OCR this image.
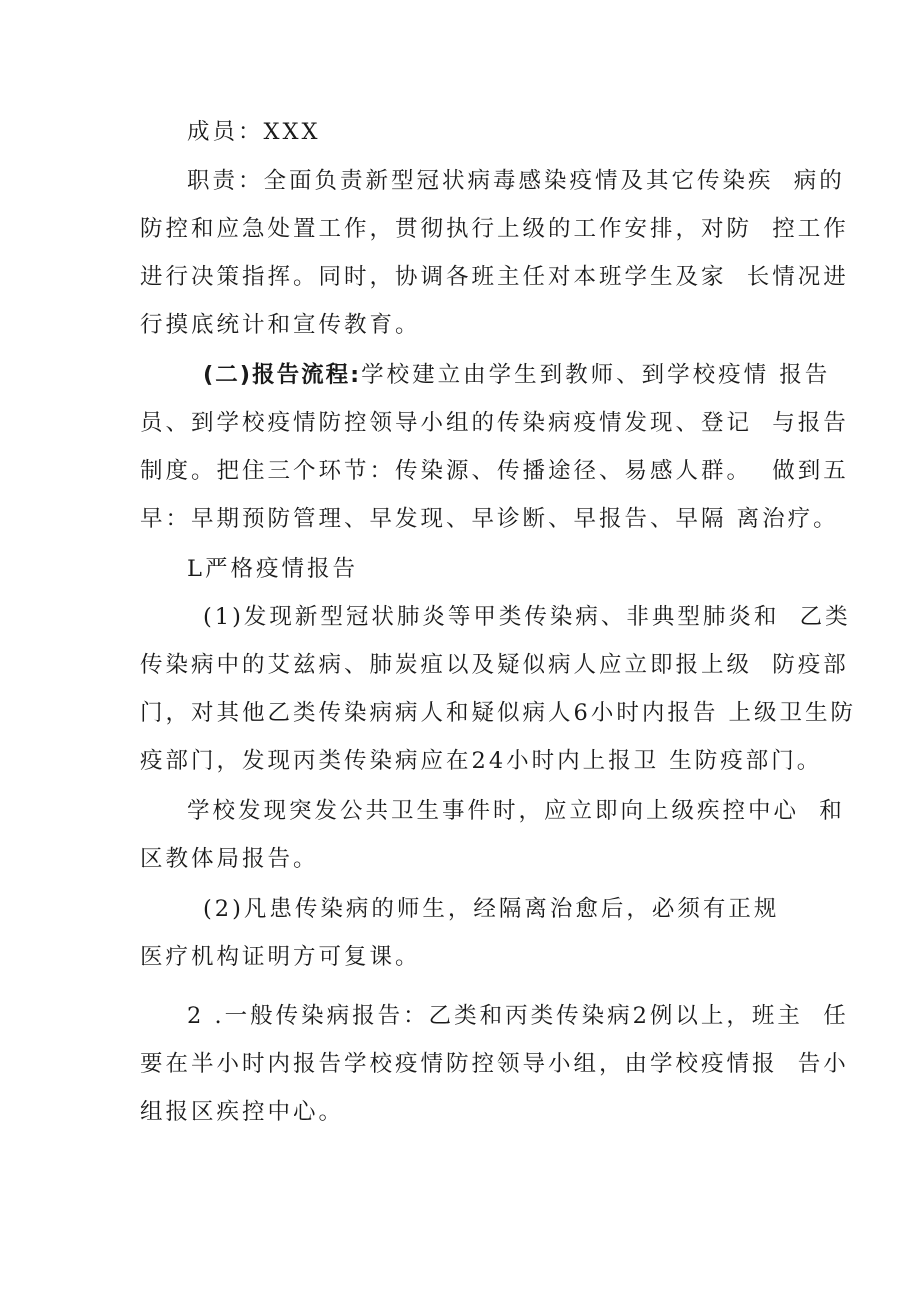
成员：XXX
职责：全面负责新型冠状病毒感染疫情及其它传染疾  病的
防控和应急处置工作，贯彻执行上级的工作安排，对防  控工作
进行决策指挥。同时，协调各班主任对本班学生及家  长情况进
行摸底统计和宣传教育。
(二)报告流程:学校建立由学生到教师、到学校疫情 报告
员、到学校疫情防控领导小组的传染病疫情发现、登记  与报告
制度。把住三个环节：传染源、传播途径、易感人群。  做到五
早：早期预防管理、早发现、早诊断、早报告、早隔 离治疗。
L严格疫情报告
(1)发现新型冠状肺炎等甲类传染病、非典型肺炎和  乙类
传染病中的艾兹病、肺炭疽以及疑似病人应立即报上级  防疫部
门，对其他乙类传染病病人和疑似病人6小时内报告 上级卫生防
疫部门，发现丙类传染病应在24小时内上报卫 生防疫部门。
学校发现突发公共卫生事件时，应立即向上级疾控中心  和
区教体局报告。
(2)凡患传染病的师生，经隔离治愈后，必须有正规
医疗机构证明方可复课。
2 .一般传染病报告：乙类和丙类传染病2例以上，班主  任
要在半小时内报告学校疫情防控领导小组，由学校疫情报  告小
组报区疾控中心。
